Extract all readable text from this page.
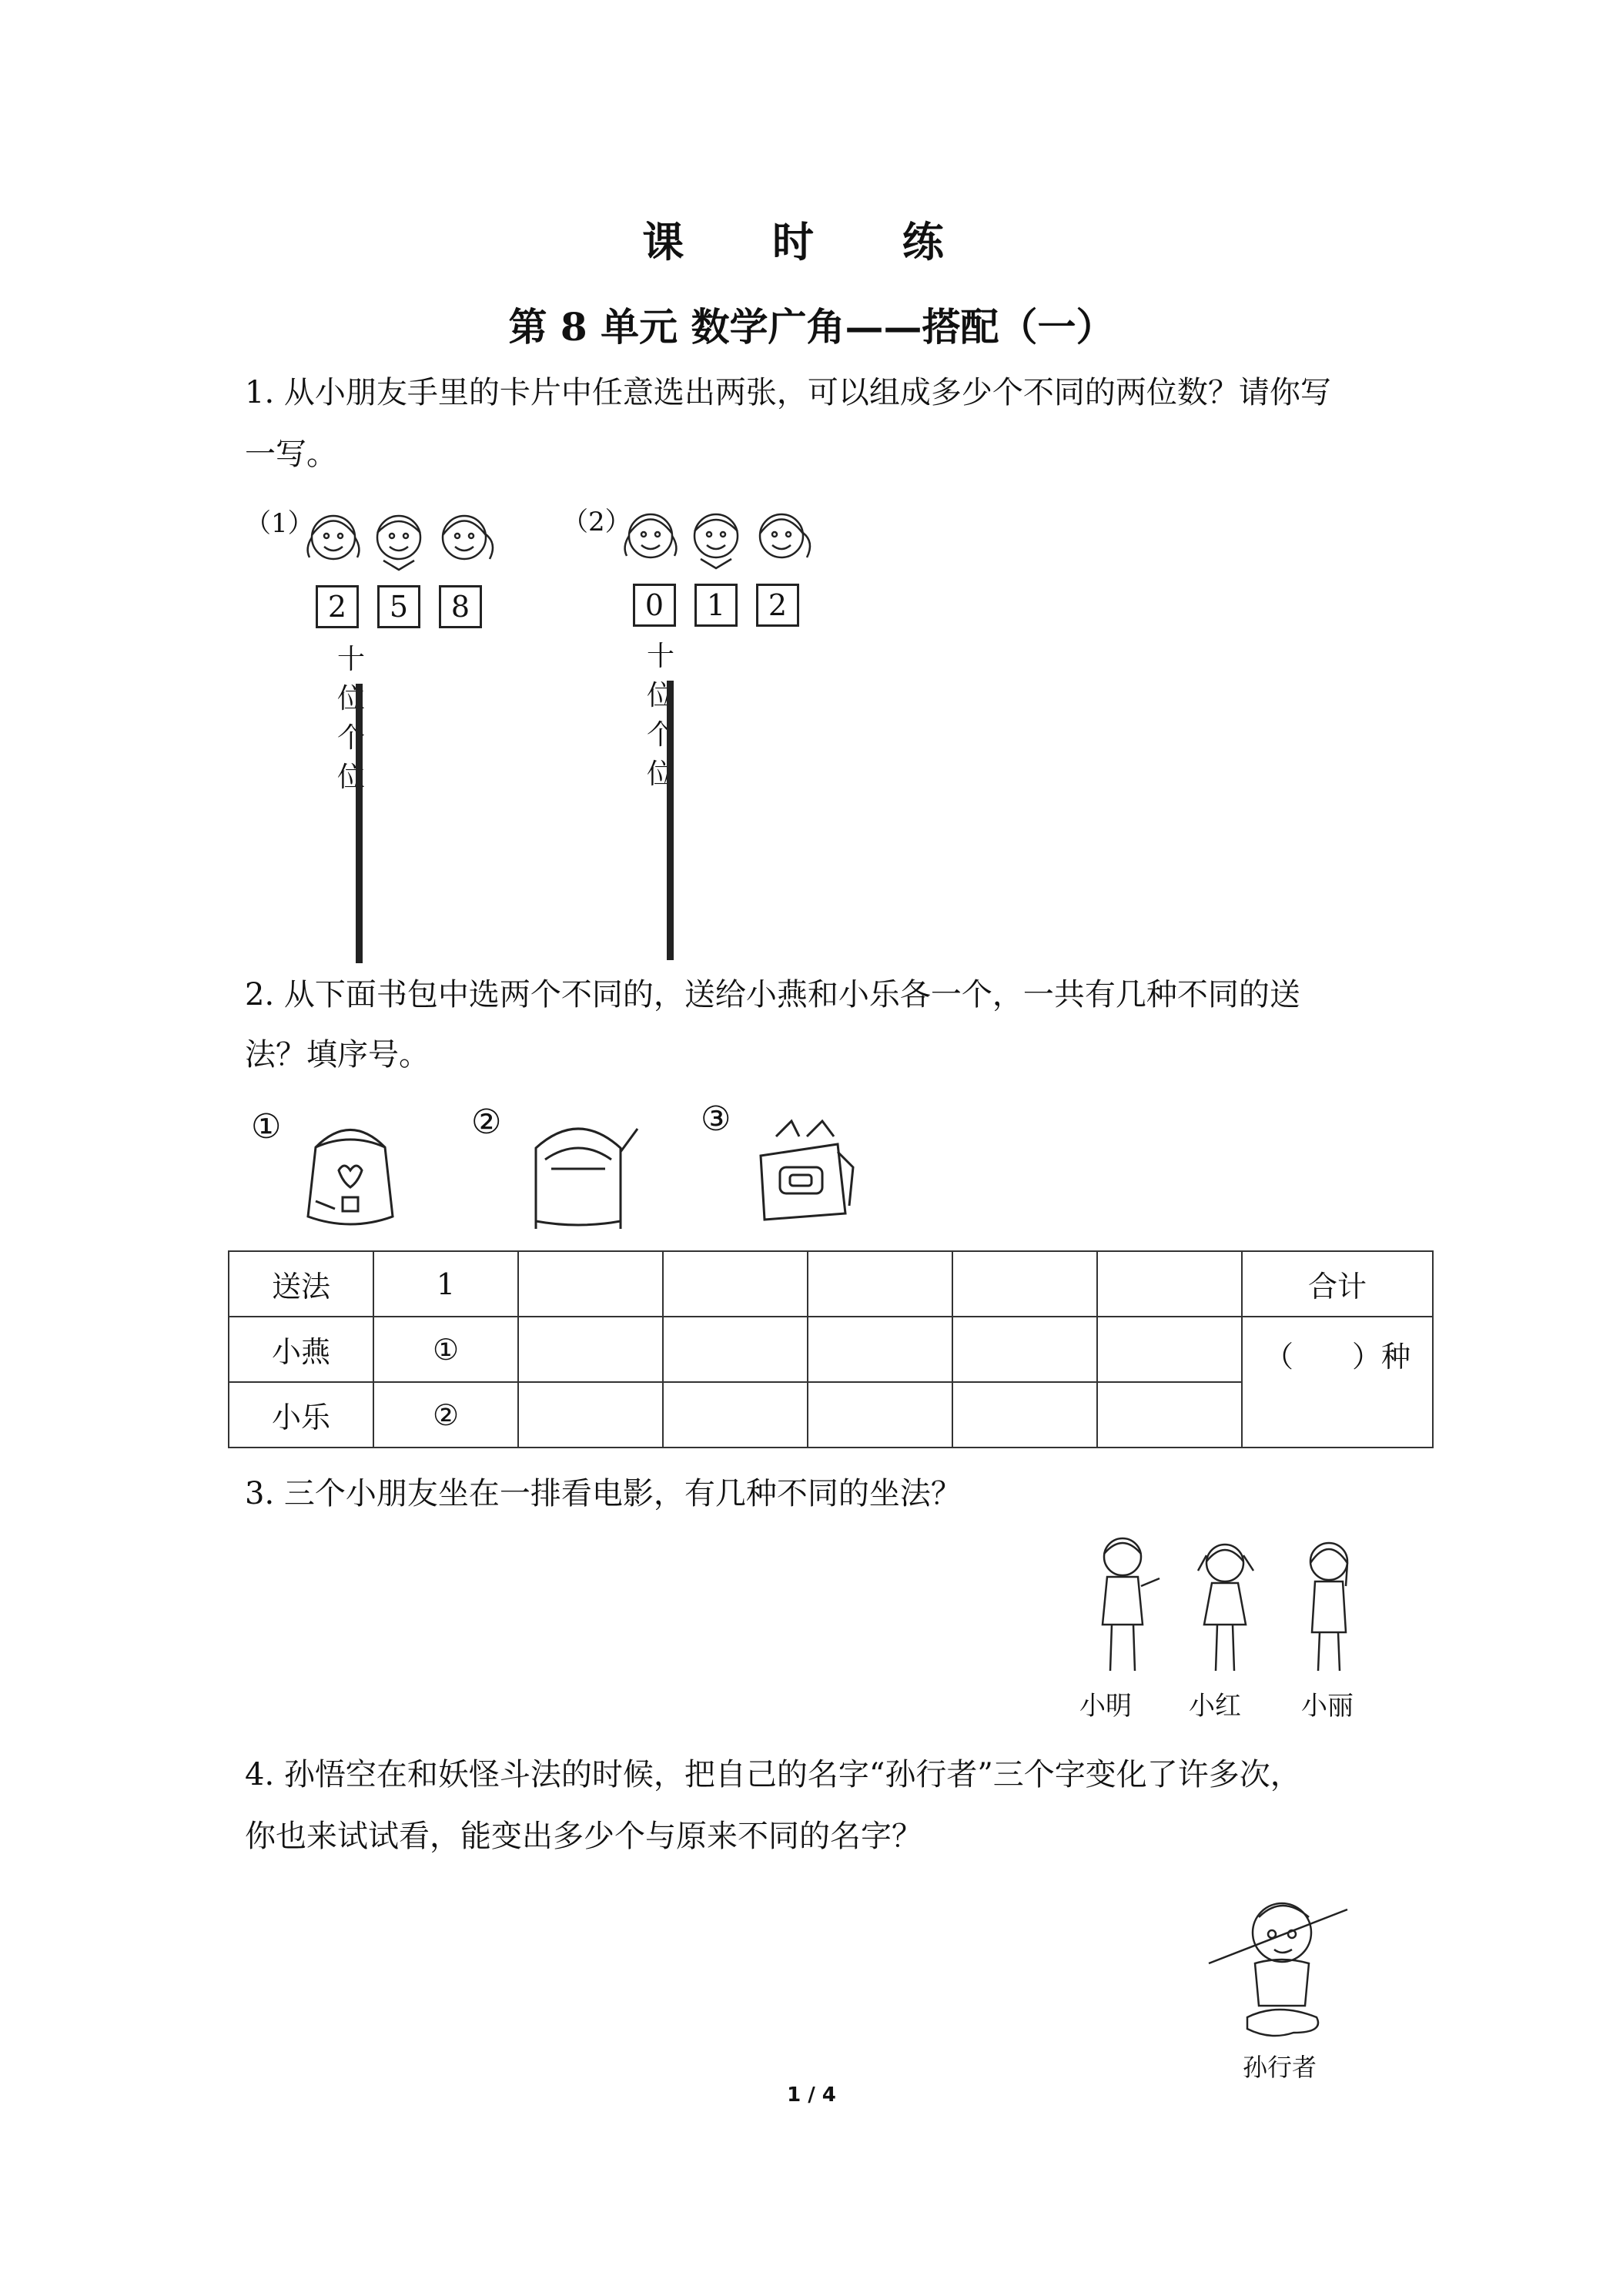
课 时 练
第 8 单元 数学广角——搭配（一）
1. 从小朋友手里的卡片中任意选出两张，可以组成多少个不同的两位数？请你写
一写。
（1）
2	5	8
十位 个位

（2）
0	1	2
十位 个位

2. 从下面书包中选两个不同的，送给小燕和小乐各一个，一共有几种不同的送
法？填序号。
①	②	③
送法	1						合计
小燕	①						（　　）种
小乐	②						
3. 三个小朋友坐在一排看电影，有几种不同的坐法？
小明 小红 小丽
4. 孙悟空在和妖怪斗法的时候，把自己的名字“孙行者”三个字变化了许多次，
你也来试试看，能变出多少个与原来不同的名字？
孙行者
1 / 4
